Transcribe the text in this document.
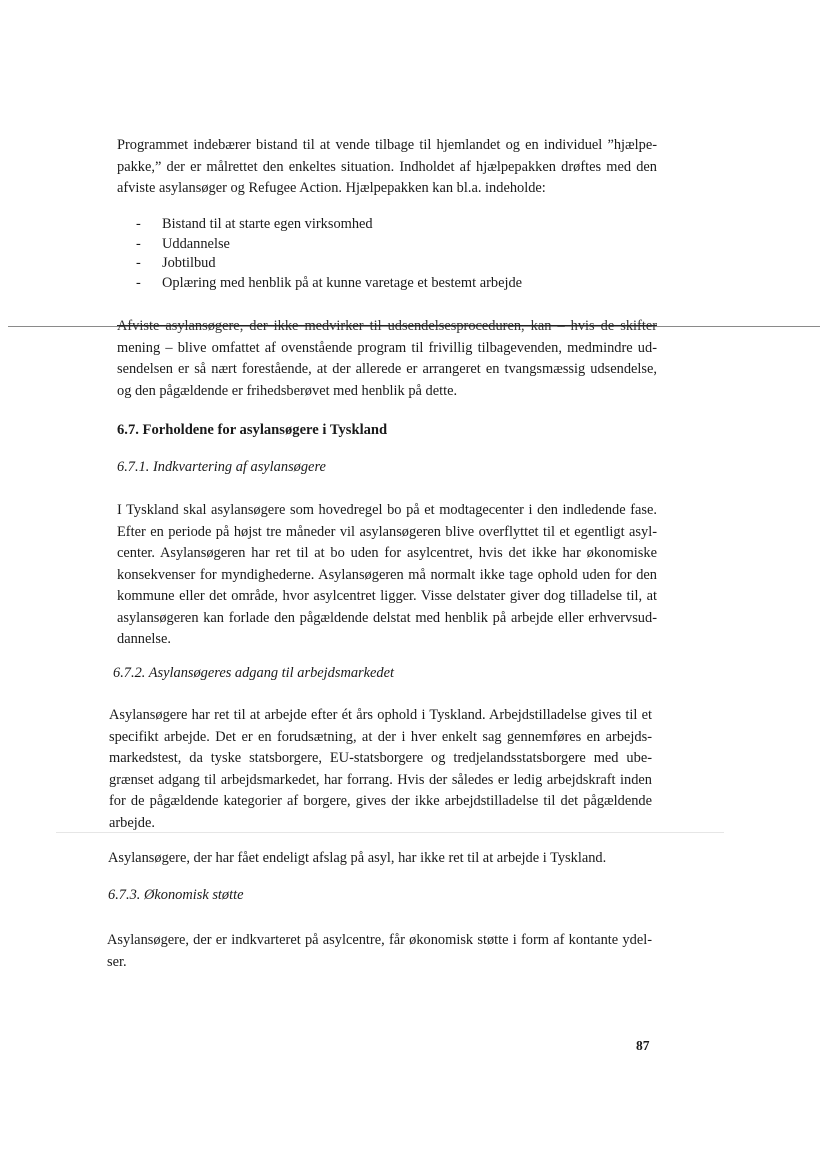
Programmet indebærer bistand til at vende tilbage til hjemlandet og en individuel ”hjælpe-
pakke,” der er målrettet den enkeltes situation. Indholdet af hjælpepakken drøftes med den
afviste asylansøger og Refugee Action. Hjælpepakken kan bl.a. indeholde:
- Bistand til at starte egen virksomhed
- Uddannelse
- Jobtilbud
- Oplæring med henblik på at kunne varetage et bestemt arbejde
Afviste asylansøgere, der ikke medvirker til udsendelsesproceduren, kan – hvis de skifter
mening – blive omfattet af ovenstående program til frivillig tilbagevenden, medmindre ud-
sendelsen er så nært forestående, at der allerede er arrangeret en tvangsmæssig udsendelse,
og den pågældende er frihedsberøvet med henblik på dette.
6.7. Forholdene for asylansøgere i Tyskland
6.7.1. Indkvartering af asylansøgere
I Tyskland skal asylansøgere som hovedregel bo på et modtagecenter i den indledende fase.
Efter en periode på højst tre måneder vil asylansøgeren blive overflyttet til et egentligt asyl-
center. Asylansøgeren har ret til at bo uden for asylcentret, hvis det ikke har økonomiske
konsekvenser for myndighederne. Asylansøgeren må normalt ikke tage ophold uden for den
kommune eller det område, hvor asylcentret ligger. Visse delstater giver dog tilladelse til, at
asylansøgeren kan forlade den pågældende delstat med henblik på arbejde eller erhvervsud-
dannelse.
6.7.2. Asylansøgeres adgang til arbejdsmarkedet
Asylansøgere har ret til at arbejde efter ét års ophold i Tyskland. Arbejdstilladelse gives til et
specifikt arbejde. Det er en forudsætning, at der i hver enkelt sag gennemføres en arbejds-
markedstest, da tyske statsborgere, EU-statsborgere og tredjelandsstatsborgere med ube-
grænset adgang til arbejdsmarkedet, har forrang. Hvis der således er ledig arbejdskraft inden
for de pågældende kategorier af borgere, gives der ikke arbejdstilladelse til det pågældende
arbejde.
Asylansøgere, der har fået endeligt afslag på asyl, har ikke ret til at arbejde i Tyskland.
6.7.3. Økonomisk støtte
Asylansøgere, der er indkvarteret på asylcentre, får økonomisk støtte i form af kontante ydel-
ser.
87
